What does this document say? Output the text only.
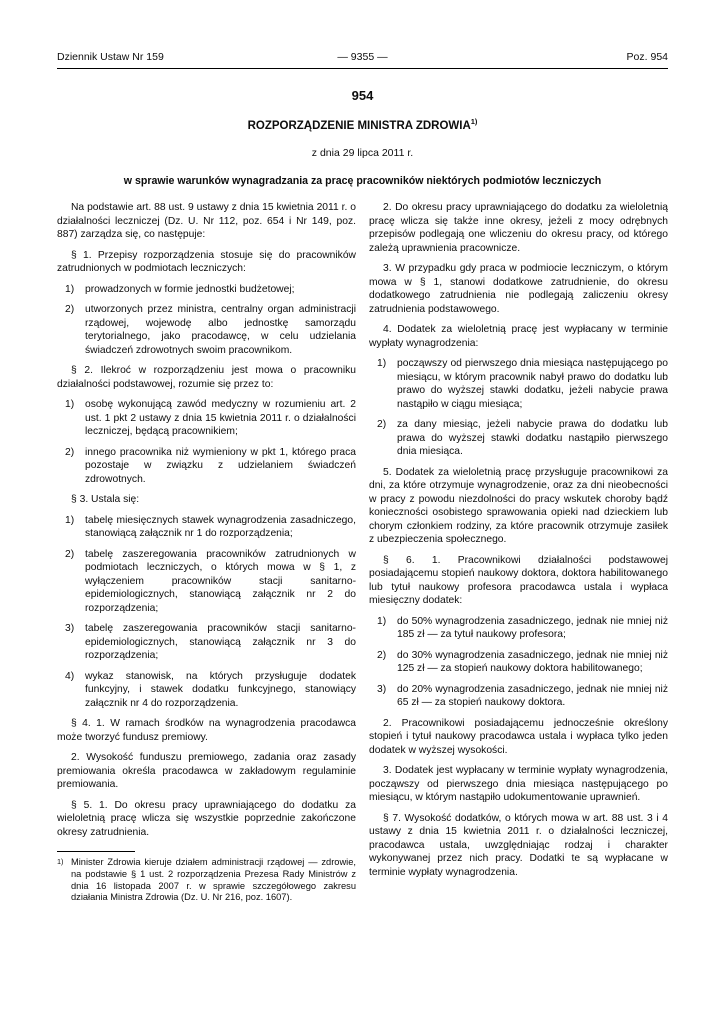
Dziennik Ustaw Nr 159	— 9355 —	Poz. 954
954
ROZPORZĄDZENIE MINISTRA ZDROWIA$^{1)}$
z dnia 29 lipca 2011 r.
w sprawie warunków wynagradzania za pracę pracowników niektórych podmiotów leczniczych

Na podstawie art. 88 ust. 9 ustawy z dnia 15 kwietnia 2011 r. o działalności leczniczej (Dz. U. Nr 112, poz. 654 i Nr 149, poz. 887) zarządza się, co następuje:

§ 1. Przepisy rozporządzenia stosuje się do pracowników zatrudnionych w podmiotach leczniczych:

1)	prowadzonych w formie jednostki budżetowej;
2)	utworzonych przez ministra, centralny organ administracji rządowej, wojewodę albo jednostkę samorządu terytorialnego, jako pracodawcę, w celu udzielania świadczeń zdrowotnych swoim pracownikom.

§ 2. Ilekroć w rozporządzeniu jest mowa o pracowniku działalności podstawowej, rozumie się przez to:

1)	osobę wykonującą zawód medyczny w rozumieniu art. 2 ust. 1 pkt 2 ustawy z dnia 15 kwietnia 2011 r. o działalności leczniczej, będącą pracownikiem;
2)	innego pracownika niż wymieniony w pkt 1, którego praca pozostaje w związku z udzielaniem świadczeń zdrowotnych.

§ 3. Ustala się:

1)	tabelę miesięcznych stawek wynagrodzenia zasadniczego, stanowiącą załącznik nr 1 do rozporządzenia;
2)	tabelę zaszeregowania pracowników zatrudnionych w podmiotach leczniczych, o których mowa w § 1, z wyłączeniem pracowników stacji sanitarno-epidemiologicznych, stanowiącą załącznik nr 2 do rozporządzenia;
3)	tabelę zaszeregowania pracowników stacji sanitarno-epidemiologicznych, stanowiącą załącznik nr 3 do rozporządzenia;
4)	wykaz stanowisk, na których przysługuje dodatek funkcyjny, i stawek dodatku funkcyjnego, stanowiący załącznik nr 4 do rozporządzenia.

§ 4. 1. W ramach środków na wynagrodzenia pracodawca może tworzyć fundusz premiowy.

2. Wysokość funduszu premiowego, zadania oraz zasady premiowania określa pracodawca w zakładowym regulaminie premiowania.

§ 5. 1. Do okresu pracy uprawniającego do dodatku za wieloletnią pracę wlicza się wszystkie poprzednie zakończone okresy zatrudnienia.

1) Minister Zdrowia kieruje działem administracji rządowej — zdrowie, na podstawie § 1 ust. 2 rozporządzenia Prezesa Rady Ministrów z dnia 16 listopada 2007 r. w sprawie szczegółowego zakresu działania Ministra Zdrowia (Dz. U. Nr 216, poz. 1607).

2. Do okresu pracy uprawniającego do dodatku za wieloletnią pracę wlicza się także inne okresy, jeżeli z mocy odrębnych przepisów podlegają one wliczeniu do okresu pracy, od którego zależą uprawnienia pracownicze.

3. W przypadku gdy praca w podmiocie leczniczym, o którym mowa w § 1, stanowi dodatkowe zatrudnienie, do okresu dodatkowego zatrudnienia nie podlegają zaliczeniu okresy zatrudnienia podstawowego.

4. Dodatek za wieloletnią pracę jest wypłacany w terminie wypłaty wynagrodzenia:

1)	począwszy od pierwszego dnia miesiąca następującego po miesiącu, w którym pracownik nabył prawo do dodatku lub prawo do wyższej stawki dodatku, jeżeli nabycie prawa nastąpiło w ciągu miesiąca;
2)	za dany miesiąc, jeżeli nabycie prawa do dodatku lub prawa do wyższej stawki dodatku nastąpiło pierwszego dnia miesiąca.

5. Dodatek za wieloletnią pracę przysługuje pracownikowi za dni, za które otrzymuje wynagrodzenie, oraz za dni nieobecności w pracy z powodu niezdolności do pracy wskutek choroby bądź konieczności osobistego sprawowania opieki nad dzieckiem lub chorym członkiem rodziny, za które pracownik otrzymuje zasiłek z ubezpieczenia społecznego.

§ 6. 1. Pracownikowi działalności podstawowej posiadającemu stopień naukowy doktora, doktora habilitowanego lub tytuł naukowy profesora pracodawca ustala i wypłaca miesięczny dodatek:

1)	do 50% wynagrodzenia zasadniczego, jednak nie mniej niż 185 zł — za tytuł naukowy profesora;
2)	do 30% wynagrodzenia zasadniczego, jednak nie mniej niż 125 zł — za stopień naukowy doktora habilitowanego;
3)	do 20% wynagrodzenia zasadniczego, jednak nie mniej niż 65 zł — za stopień naukowy doktora.

2. Pracownikowi posiadającemu jednocześnie określony stopień i tytuł naukowy pracodawca ustala i wypłaca tylko jeden dodatek w wyższej wysokości.

3. Dodatek jest wypłacany w terminie wypłaty wynagrodzenia, począwszy od pierwszego dnia miesiąca następującego po miesiącu, w którym nastąpiło udokumentowanie uprawnień.

§ 7. Wysokość dodatków, o których mowa w art. 88 ust. 3 i 4 ustawy z dnia 15 kwietnia 2011 r. o działalności leczniczej, pracodawca ustala, uwzględniając rodzaj i charakter wykonywanej przez nich pracy. Dodatki te są wypłacane w terminie wypłaty wynagrodzenia.
